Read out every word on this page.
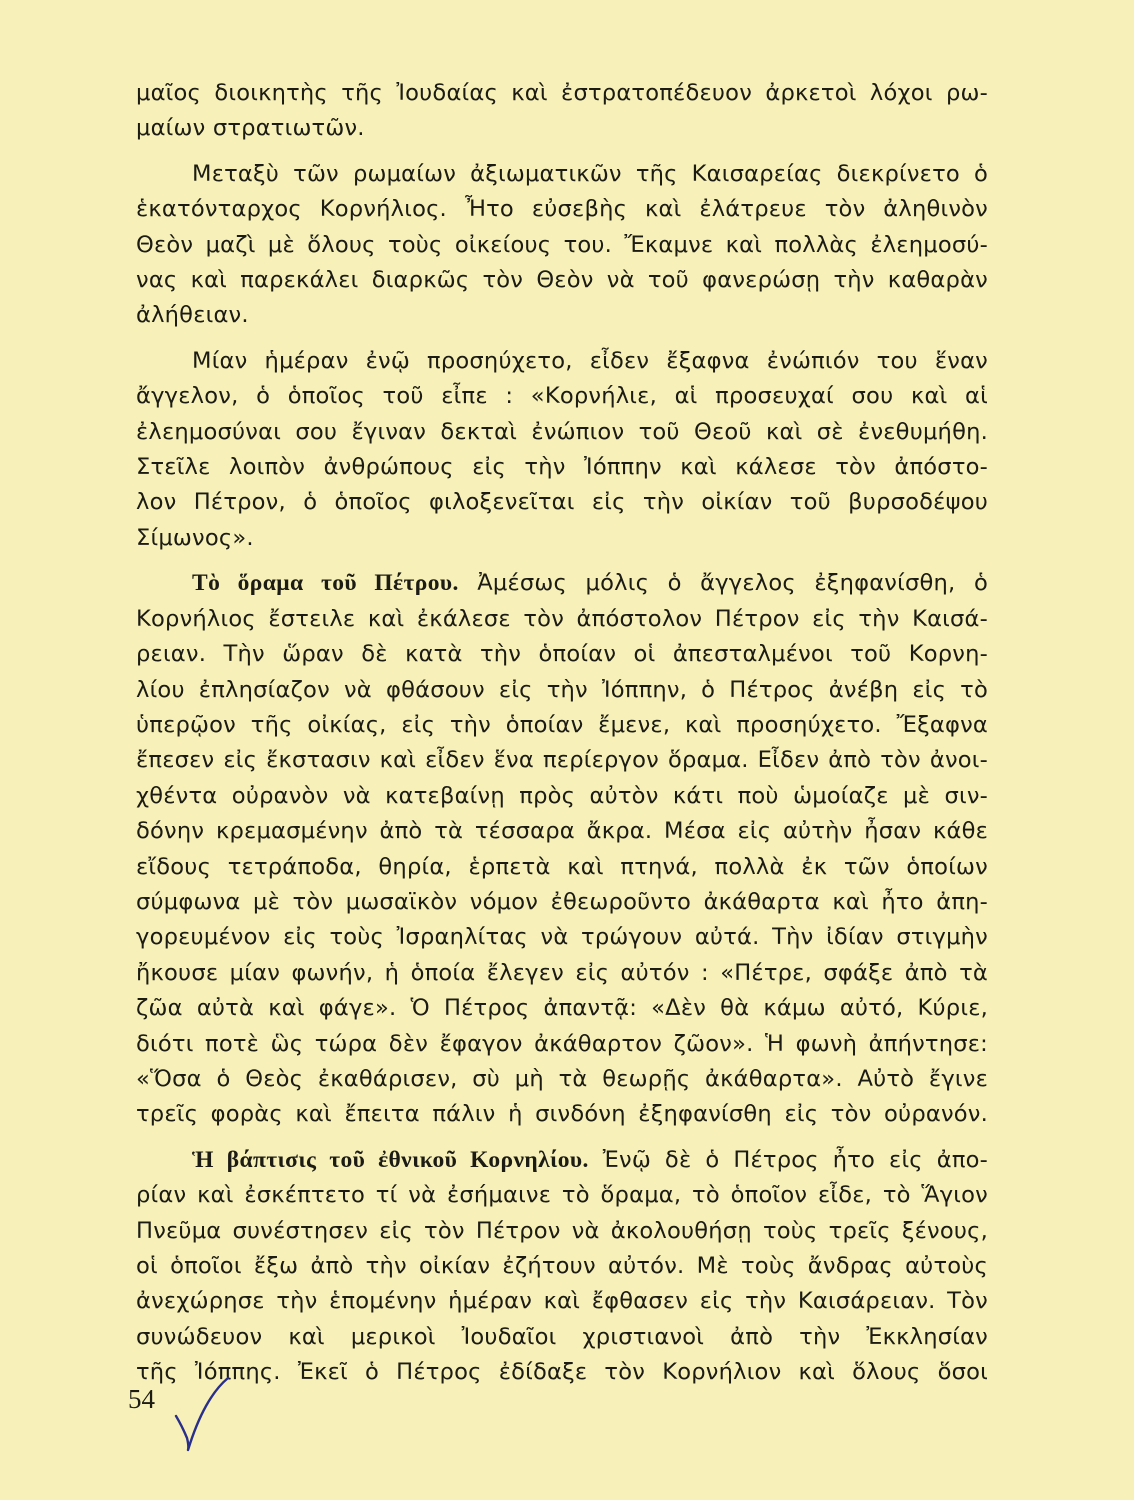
μαῖος διοικητὴς τῆς Ἰουδαίας καὶ ἐστρατοπέδευον ἀρκετοὶ λόχοι ρω-
μαίων στρατιωτῶν.
Μεταξὺ τῶν ρωμαίων ἀξιωματικῶν τῆς Καισαρείας διεκρίνετο ὁ
ἑκατόνταρχος Κορνήλιος. Ἦτο εὐσεβὴς καὶ ἐλάτρευε τὸν ἀληθινὸν
Θεὸν μαζὶ μὲ ὅλους τοὺς οἰκείους του. Ἔκαμνε καὶ πολλὰς ἐλεημοσύ-
νας καὶ παρεκάλει διαρκῶς τὸν Θεὸν νὰ τοῦ φανερώσῃ τὴν καθαρὰν
ἀλήθειαν.
Μίαν ἡμέραν ἐνῷ προσηύχετο, εἶδεν ἔξαφνα ἐνώπιόν του ἕναν
ἄγγελον, ὁ ὁποῖος τοῦ εἶπε : «Κορνήλιε, αἱ προσευχαί σου καὶ αἱ
ἐλεημοσύναι σου ἔγιναν δεκταὶ ἐνώπιον τοῦ Θεοῦ καὶ σὲ ἐνεθυμήθη.
Στεῖλε λοιπὸν ἀνθρώπους εἰς τὴν Ἰόππην καὶ κάλεσε τὸν ἀπόστο-
λον Πέτρον, ὁ ὁποῖος φιλοξενεῖται εἰς τὴν οἰκίαν τοῦ βυρσοδέψου
Σίμωνος».
Τὸ ὅραμα τοῦ Πέτρου. Ἀμέσως μόλις ὁ ἄγγελος ἐξηφανίσθη, ὁ
Κορνήλιος ἔστειλε καὶ ἐκάλεσε τὸν ἀπόστολον Πέτρον εἰς τὴν Καισά-
ρειαν. Τὴν ὥραν δὲ κατὰ τὴν ὁποίαν οἱ ἀπεσταλμένοι τοῦ Κορνη-
λίου ἐπλησίαζον νὰ φθάσουν εἰς τὴν Ἰόππην, ὁ Πέτρος ἀνέβη εἰς τὸ
ὑπερῷον τῆς οἰκίας, εἰς τὴν ὁποίαν ἔμενε, καὶ προσηύχετο. Ἔξαφνα
ἔπεσεν εἰς ἔκστασιν καὶ εἶδεν ἕνα περίεργον ὅραμα. Εἶδεν ἀπὸ τὸν ἀνοι-
χθέντα οὐρανὸν νὰ κατεβαίνῃ πρὸς αὐτὸν κάτι ποὺ ὡμοίαζε μὲ σιν-
δόνην κρεμασμένην ἀπὸ τὰ τέσσαρα ἄκρα. Μέσα εἰς αὐτὴν ἦσαν κάθε
εἴδους τετράποδα, θηρία, ἑρπετὰ καὶ πτηνά, πολλὰ ἐκ τῶν ὁποίων
σύμφωνα μὲ τὸν μωσαϊκὸν νόμον ἐθεωροῦντο ἀκάθαρτα καὶ ἦτο ἀπη-
γορευμένον εἰς τοὺς Ἰσραηλίτας νὰ τρώγουν αὐτά. Τὴν ἰδίαν στιγμὴν
ἤκουσε μίαν φωνήν, ἡ ὁποία ἔλεγεν εἰς αὐτόν : «Πέτρε, σφάξε ἀπὸ τὰ
ζῶα αὐτὰ καὶ φάγε». Ὁ Πέτρος ἀπαντᾷ: «Δὲν θὰ κάμω αὐτό, Κύριε,
διότι ποτὲ ὣς τώρα δὲν ἔφαγον ἀκάθαρτον ζῶον». Ἡ φωνὴ ἀπήντησε:
«Ὅσα ὁ Θεὸς ἐκαθάρισεν, σὺ μὴ τὰ θεωρῇς ἀκάθαρτα». Αὐτὸ ἔγινε
τρεῖς φορὰς καὶ ἔπειτα πάλιν ἡ σινδόνη ἐξηφανίσθη εἰς τὸν οὐρανόν.
Ἡ βάπτισις τοῦ ἐθνικοῦ Κορνηλίου. Ἐνῷ δὲ ὁ Πέτρος ἦτο εἰς ἀπο-
ρίαν καὶ ἐσκέπτετο τί νὰ ἐσήμαινε τὸ ὅραμα, τὸ ὁποῖον εἶδε, τὸ Ἅγιον
Πνεῦμα συνέστησεν εἰς τὸν Πέτρον νὰ ἀκολουθήσῃ τοὺς τρεῖς ξένους,
οἱ ὁποῖοι ἔξω ἀπὸ τὴν οἰκίαν ἐζήτουν αὐτόν. Μὲ τοὺς ἄνδρας αὐτοὺς
ἀνεχώρησε τὴν ἑπομένην ἡμέραν καὶ ἔφθασεν εἰς τὴν Καισάρειαν. Τὸν
συνώδευον καὶ μερικοὶ Ἰουδαῖοι χριστιανοὶ ἀπὸ τὴν Ἐκκλησίαν
τῆς Ἰόππης. Ἐκεῖ ὁ Πέτρος ἐδίδαξε τὸν Κορνήλιον καὶ ὅλους ὅσοι
54
